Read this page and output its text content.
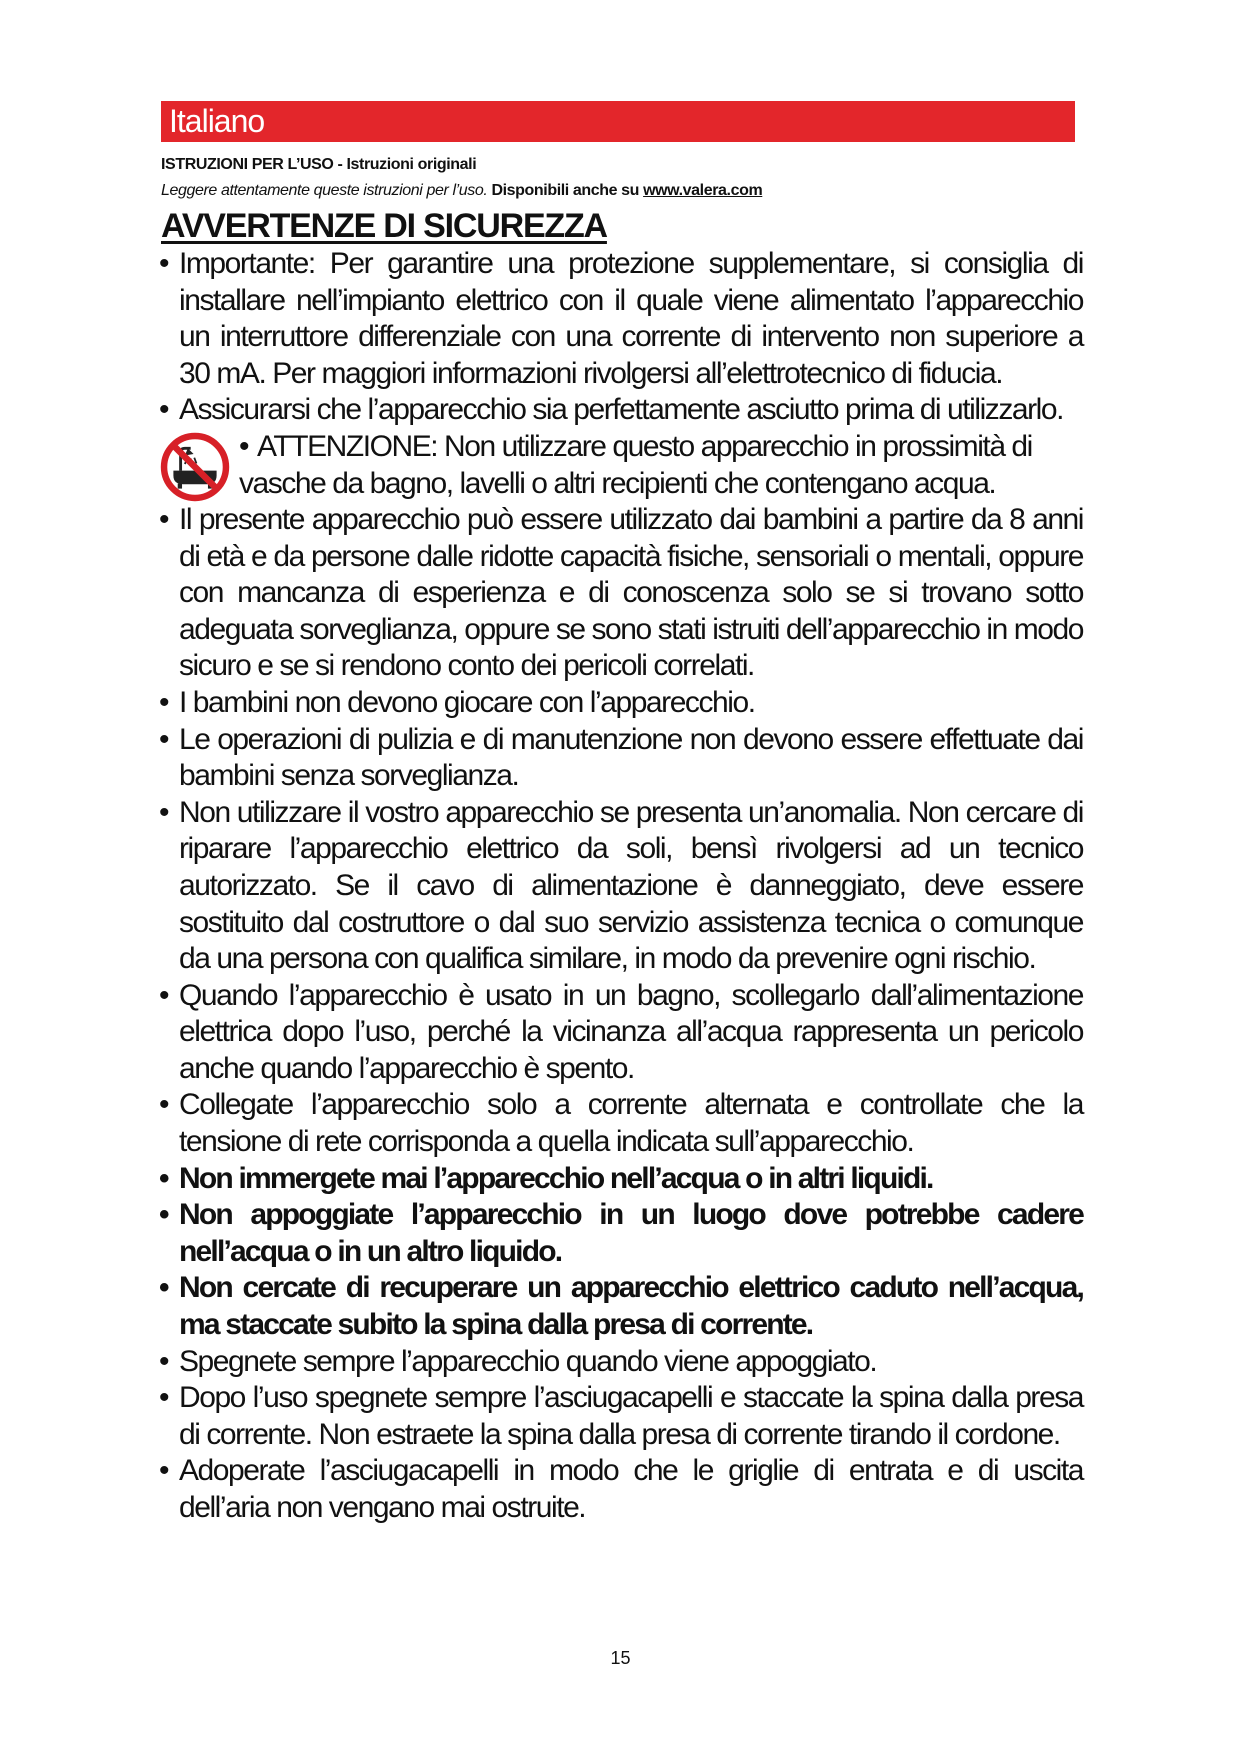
Italiano
ISTRUZIONI PER L’USO - Istruzioni originali
Leggere attentamente queste istruzioni per l’uso. Disponibili anche su www.valera.com
AVVERTENZE DI SICUREZZA
• Importante: Per garantire una protezione supplementare, si consiglia di installare nell’impianto elettrico con il quale viene alimentato l’apparecchio un interruttore differenziale con una corrente di intervento non superiore a 30 mA. Per maggiori informazioni rivolgersi all’elettrotecnico di fiducia.
• Assicurarsi che l’apparecchio sia perfettamente asciutto prima di utilizzarlo.
• ATTENZIONE: Non utilizzare questo apparecchio in prossimità di vasche da bagno, lavelli o altri recipienti che contengano acqua.
• Il presente apparecchio può essere utilizzato dai bambini a partire da 8 anni di età e da persone dalle ridotte capacità fisiche, sensoriali o mentali, oppure con mancanza di esperienza e di conoscenza solo se si trovano sotto adeguata sorveglianza, oppure se sono stati istruiti dell’apparecchio in modo sicuro e se si rendono conto dei pericoli correlati.
• I bambini non devono giocare con l’apparecchio.
• Le operazioni di pulizia e di manutenzione non devono essere effettuate dai bambini senza sorveglianza.
• Non utilizzare il vostro apparecchio se presenta un’anomalia. Non cercare di riparare l’apparecchio elettrico da soli, bensì rivolgersi ad un tecnico autorizzato. Se il cavo di alimentazione è danneggiato, deve essere sostituito dal costruttore o dal suo servizio assistenza tecnica o comunque da una persona con qualifica similare, in modo da prevenire ogni rischio.
• Quando l’apparecchio è usato in un bagno, scollegarlo dall’alimentazione elettrica dopo l’uso, perché la vicinanza all’acqua rappresenta un pericolo anche quando l’apparecchio è spento.
• Collegate l’apparecchio solo a corrente alternata e controllate che la tensione di rete corrisponda a quella indicata sull’apparecchio.
• Non immergete mai l’apparecchio nell’acqua o in altri liquidi.
• Non appoggiate l’apparecchio in un luogo dove potrebbe cadere nell’acqua o in un altro liquido.
• Non cercate di recuperare un apparecchio elettrico caduto nell’acqua, ma staccate subito la spina dalla presa di corrente.
• Spegnete sempre l’apparecchio quando viene appoggiato.
• Dopo l’uso spegnete sempre l’asciugacapelli e staccate la spina dalla presa di corrente. Non estraete la spina dalla presa di corrente tirando il cordone.
• Adoperate l’asciugacapelli in modo che le griglie di entrata e di uscita dell’aria non vengano mai ostruite.
15
